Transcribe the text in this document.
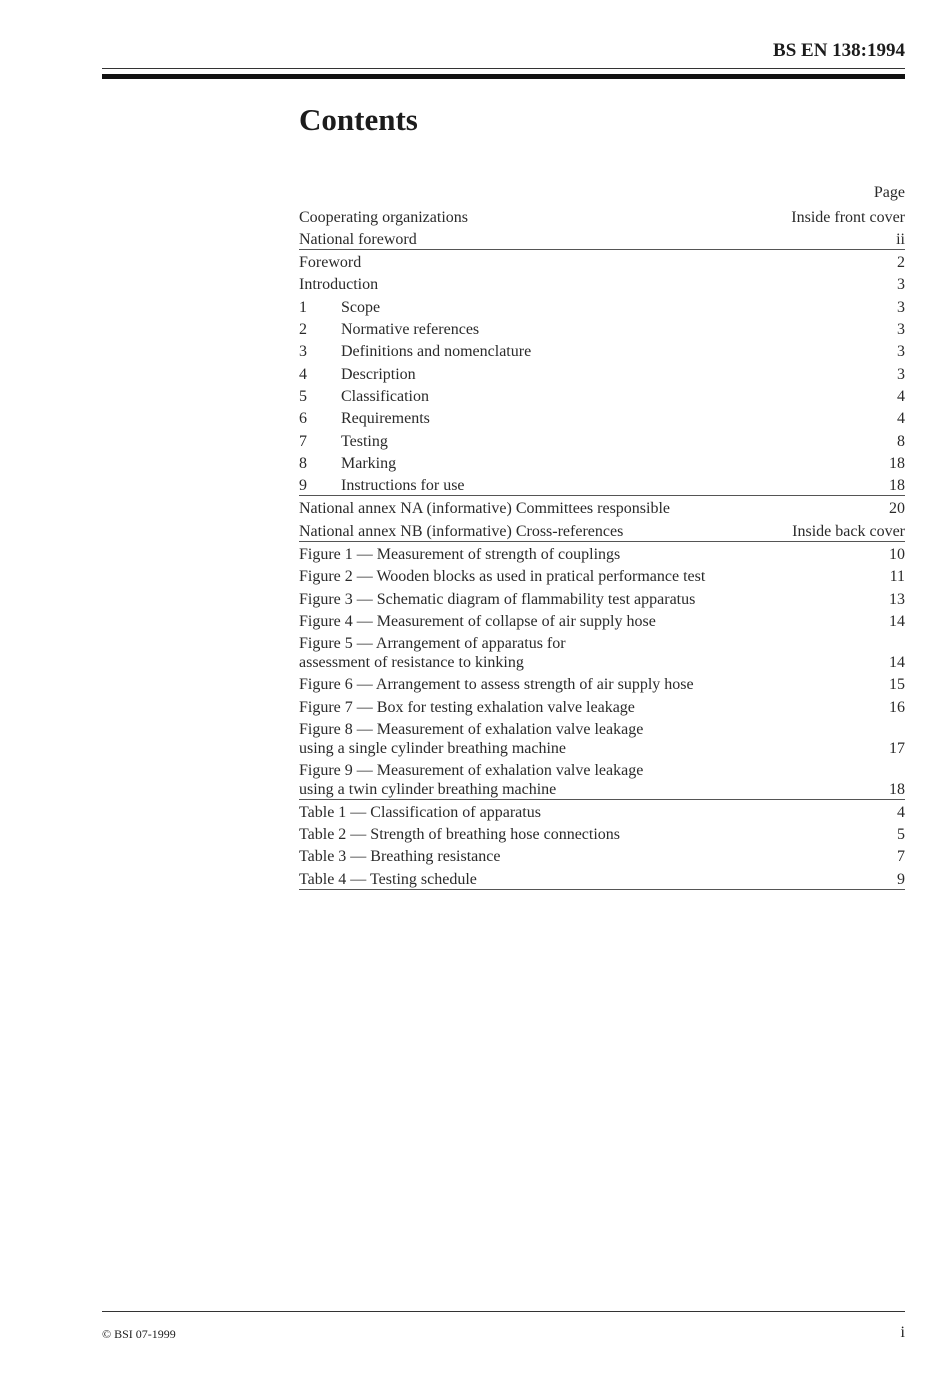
BS EN 138:1994
Contents
Page
Cooperating organizations	Inside front cover
National foreword	ii
Foreword	2
Introduction	3
1	Scope	3
2	Normative references	3
3	Definitions and nomenclature	3
4	Description	3
5	Classification	4
6	Requirements	4
7	Testing	8
8	Marking	18
9	Instructions for use	18
National annex NA (informative) Committees responsible	20
National annex NB (informative) Cross-references	Inside back cover
Figure 1 — Measurement of strength of couplings	10
Figure 2 — Wooden blocks as used in pratical performance test	11
Figure 3 — Schematic diagram of flammability test apparatus	13
Figure 4 — Measurement of collapse of air supply hose	14
Figure 5 — Arrangement of apparatus for
assessment of resistance to kinking	14
Figure 6 — Arrangement to assess strength of air supply hose	15
Figure 7 — Box for testing exhalation valve leakage	16
Figure 8 — Measurement of exhalation valve leakage
using a single cylinder breathing machine	17
Figure 9 — Measurement of exhalation valve leakage
using a twin cylinder breathing machine	18
Table 1 — Classification of apparatus	4
Table 2 — Strength of breathing hose connections	5
Table 3 — Breathing resistance	7
Table 4 — Testing schedule	9
© BSI 07-1999	i
